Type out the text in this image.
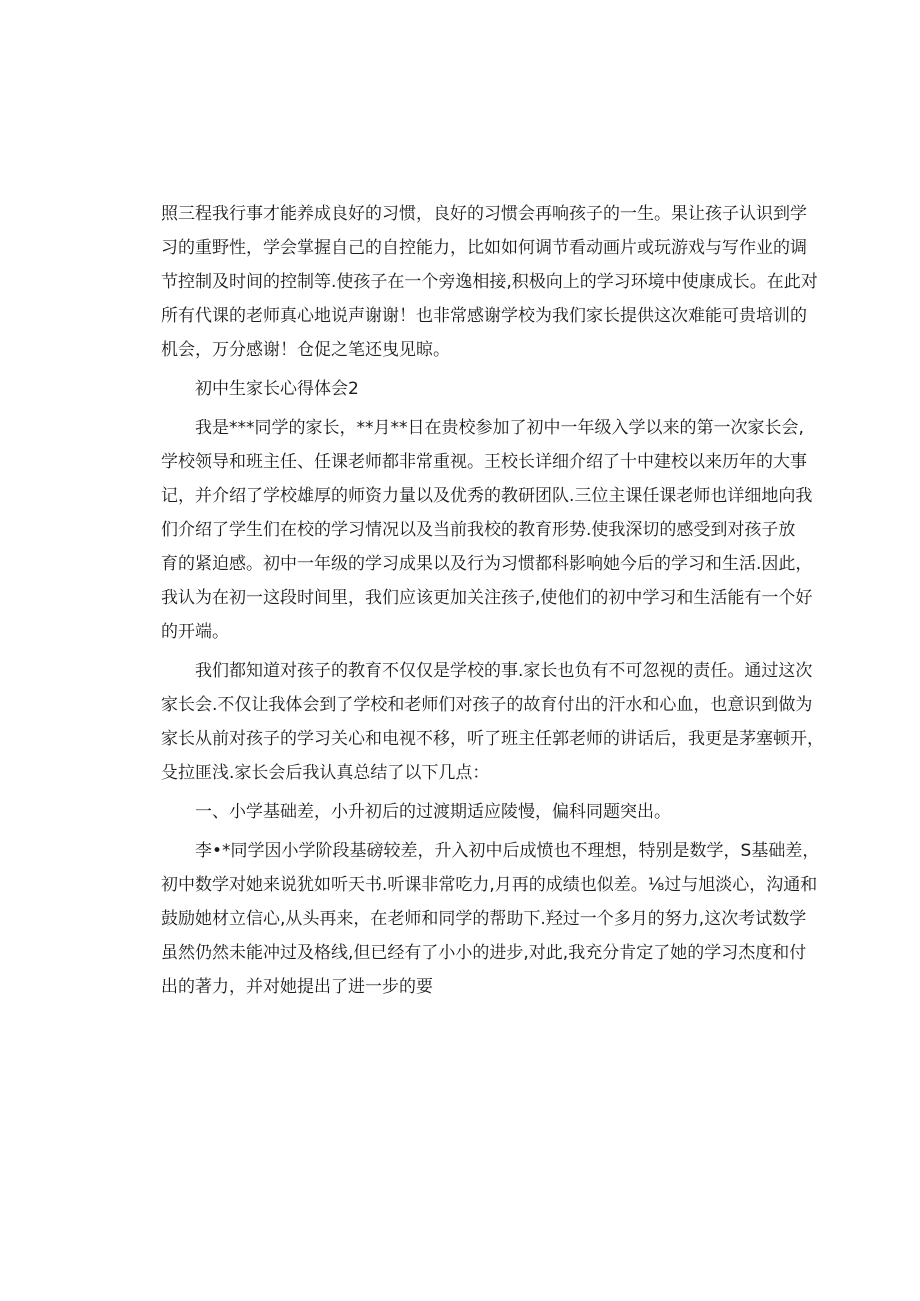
照三程我行事才能养成良好的习惯，良好的习惯会再响孩子的一生。果让孩子认识到学
习的重野性，学会掌握自己的自控能力，比如如何调节看动画片或玩游戏与写作业的调
节控制及时间的控制等.使孩子在一个旁逸相接,积极向上的学习环境中使康成长。在此对
所有代课的老师真心地说声谢谢！也非常感谢学校为我们家长提供这次难能可贵培训的
机会，万分感谢！仓促之笔还曳见晾。

初中生家长心得体会2

我是***同学的家长，**月**日在贵校参加了初中一年级入学以来的第一次家长会,
学校领导和班主任、任课老师都非常重视。王校长详细介绍了十中建校以来历年的大事
记，并介绍了学校雄厚的师资力量以及优秀的教研团队.三位主课任课老师也详细地向我
们介绍了学生们在校的学习情况以及当前我校的教育形势.使我深切的感受到对孩子放
育的紧迫感。初中一年级的学习成果以及行为习惯都科影响她今后的学习和生活.因此，
我认为在初一这段时间里，我们应该更加关注孩子,使他们的初中学习和生活能有一个好
的开端。

我们都知道对孩子的教育不仅仅是学校的事.家长也负有不可忽视的责任。通过这次
家长会.不仅让我体会到了学校和老师们对孩子的故育付出的汗水和心血，也意识到做为
家长从前对孩子的学习关心和电视不移，听了班主任郭老师的讲话后，我更是茅塞顿开，
殳拉匪浅.家长会后我认真总结了以下几点：

一、小学基础差，小升初后的过渡期适应陵慢，偏科同题突出。

李•*同学因小学阶段基磅较差，升入初中后成愤也不理想，特别是数学，S基础差，
初中数学对她来说犹如听天书.听课非常吃力,月再的成绩也似差。⅛过与旭淡心，沟通和
鼓励她材立信心,从头再来，在老师和同学的帮助下.羟过一个多月的努力,这次考试数学
虽然仍然未能冲过及格线,但已经有了小小的进步,对此,我充分肯定了她的学习杰度和付
出的著力，并对她提出了进一步的要
